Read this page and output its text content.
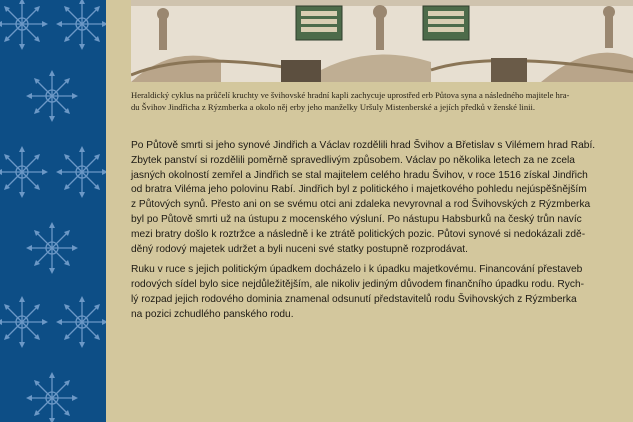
Heraldický cyklus na průčelí kruchty ve švihovské hradní kapli zachycuje uprostřed erb Půtova syna a následného majitele hra-
du Švihov Jindřicha z Rýzmberka a okolo něj erby jeho manželky Uršuly Mistenberské a jejích předků v ženské linii.
Po Půtově smrti si jeho synové Jindřich a Václav rozdělili hrad Švihov a Břetislav s Vilémem hrad Rabí.
Zbytek panství si rozdělili poměrně spravedlivým způsobem. Václav po několika letech za ne zcela
jasných okolností zemřel a Jindřich se stal majitelem celého hradu Švihov, v roce 1516 získal Jindřich
od bratra Viléma jeho polovinu Rabí. Jindřich byl z politického i majetkového pohledu nejúspěšnějším
z Půtových synů. Přesto ani on se svému otci ani zdaleka nevyrovnal a rod Švihovských z Rýzmberka
byl po Půtově smrti už na ústupu z mocenského výsluní. Po nástupu Habsburků na český trůn navíc
mezi bratry došlo k roztržce a následně i ke ztrátě politických pozic. Půtovi synové si nedokázali zdě-
děný rodový majetek udržet a byli nuceni své statky postupně rozprodávat.
Ruku v ruce s jejich politickým úpadkem docházelo i k úpadku majetkovému. Financování přestaveb
rodových sídel bylo sice nejdůležitějším, ale nikoliv jediným důvodem finančního úpadku rodu. Rych-
lý rozpad jejich rodového dominia znamenal odsunutí představitelů rodu Švihovských z Rýzmberka
na pozici zchudlého panského rodu.
